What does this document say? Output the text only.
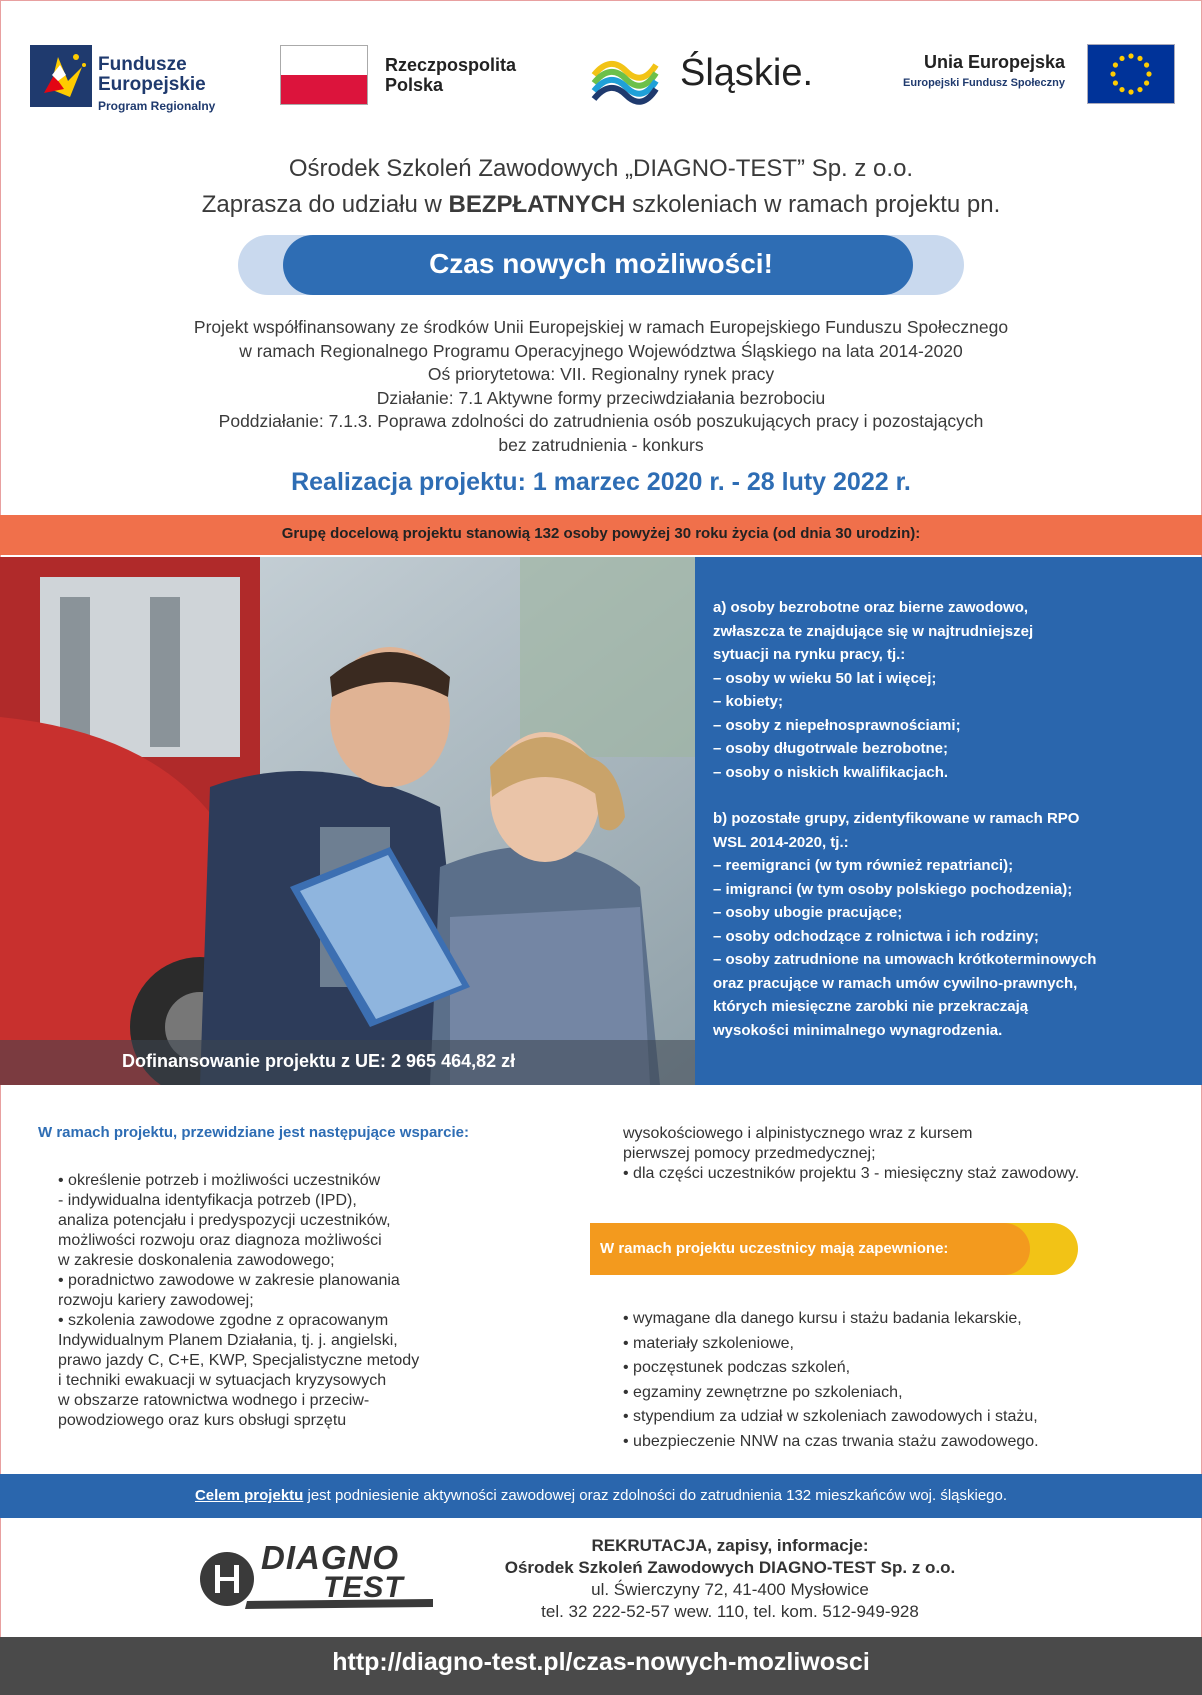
Fundusze
Europejskie
Program Regionalny
Rzeczpospolita
Polska	Śląskie.	Unia Europejska
Europejski Fundusz Społeczny
Ośrodek Szkoleń Zawodowych „DIAGNO-TEST” Sp. z o.o.
Zaprasza do udziału w BEZPŁATNYCH szkoleniach w ramach projektu pn.
Czas nowych możliwości!
Projekt współfinansowany ze środków Unii Europejskiej w ramach Europejskiego Funduszu Społecznego
w ramach Regionalnego Programu Operacyjnego Województwa Śląskiego na lata 2014-2020
Oś priorytetowa: VII. Regionalny rynek pracy
Działanie: 7.1 Aktywne formy przeciwdziałania bezrobociu
Poddziałanie: 7.1.3. Poprawa zdolności do zatrudnienia osób poszukujących pracy i pozostających
bez zatrudnienia - konkurs
Realizacja projektu: 1 marzec 2020 r. - 28 luty 2022 r.
Grupę docelową projektu stanowią 132 osoby powyżej 30 roku życia (od dnia 30 urodzin):

a) osoby bezrobotne oraz bierne zawodowo,

zwłaszcza te znajdujące się w najtrudniejszej

sytuacji na rynku pracy, tj.:

– osoby w wieku 50 lat i więcej;

– kobiety;

– osoby z niepełnosprawnościami;

– osoby długotrwale bezrobotne;

– osoby o niskich kwalifikacjach.

b) pozostałe grupy, zidentyfikowane w ramach RPO

WSL 2014-2020, tj.:

– reemigranci (w tym również repatrianci);

– imigranci (w tym osoby polskiego pochodzenia);

– osoby ubogie pracujące;

– osoby odchodzące z rolnictwa i ich rodziny;

– osoby zatrudnione na umowach krótkoterminowych

oraz pracujące w ramach umów cywilno-prawnych,

których miesięczne zarobki nie przekraczają

wysokości minimalnego wynagrodzenia.

Dofinansowanie projektu z UE: 2 965 464,82 zł
W ramach projektu, przewidziane jest następujące wsparcie:

• określenie potrzeb i możliwości uczestników

- indywidualna identyfikacja potrzeb (IPD),

analiza potencjału i predyspozycji uczestników,

możliwości rozwoju oraz diagnoza możliwości

w zakresie doskonalenia zawodowego;

• poradnictwo zawodowe w zakresie planowania

rozwoju kariery zawodowej;

• szkolenia zawodowe zgodne z opracowanym

Indywidualnym Planem Działania, tj. j. angielski,

prawo jazdy C, C+E, KWP, Specjalistyczne metody

i techniki ewakuacji w sytuacjach kryzysowych

w obszarze ratownictwa wodnego i przeciw-

powodziowego oraz kurs obsługi sprzętu

wysokościowego i alpinistycznego wraz z kursem

pierwszej pomocy przedmedycznej;

• dla części uczestników projektu 3 - miesięczny staż zawodowy.

W ramach projektu uczestnicy mają zapewnione:

• wymagane dla danego kursu i stażu badania lekarskie,

• materiały szkoleniowe,

• poczęstunek podczas szkoleń,

• egzaminy zewnętrzne po szkoleniach,

• stypendium za udział w szkoleniach zawodowych i stażu,

• ubezpieczenie NNW na czas trwania stażu zawodowego.

Celem projektu jest podniesienie aktywności zawodowej oraz zdolności do zatrudnienia 132 mieszkańców woj. śląskiego.
DIAGNO
TEST
REKRUTACJA, zapisy, informacje:
Ośrodek Szkoleń Zawodowych DIAGNO-TEST Sp. z o.o.
ul. Świerczyny 72, 41-400 Mysłowice
tel. 32 222-52-57 wew. 110, tel. kom. 512-949-928
http://diagno-test.pl/czas-nowych-mozliwosci
